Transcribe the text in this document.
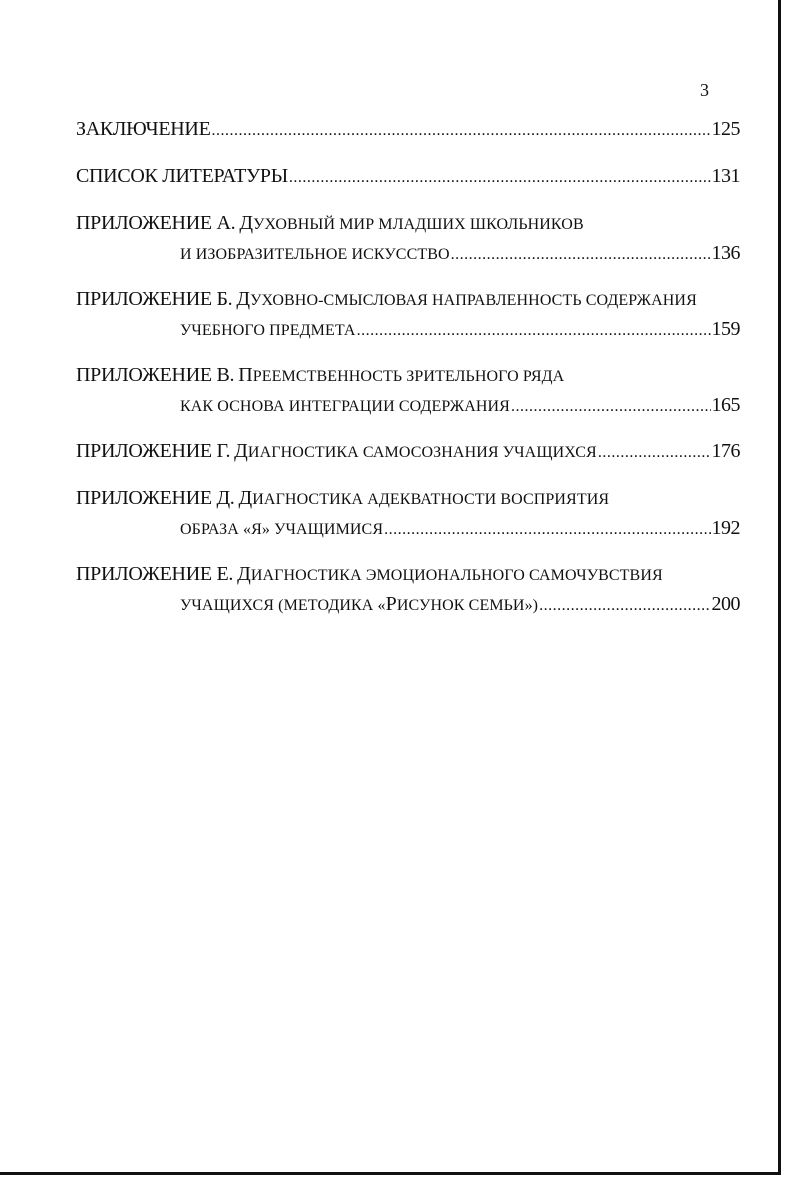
3
ЗАКЛЮЧЕНИЕ .....	125
СПИСОК ЛИТЕРАТУРЫ .....	131
ПРИЛОЖЕНИЕ А.
ДУХОВНЫЙ МИР МЛАДШИХ ШКОЛЬНИКОВ
И ИЗОБРАЗИТЕЛЬНОЕ ИСКУССТВО .....	136
ПРИЛОЖЕНИЕ Б.
ДУХОВНО-СМЫСЛОВАЯ НАПРАВЛЕННОСТЬ СОДЕРЖАНИЯ
УЧЕБНОГО ПРЕДМЕТА .....	159
ПРИЛОЖЕНИЕ В.
ПРЕЕМСТВЕННОСТЬ ЗРИТЕЛЬНОГО РЯДА
КАК ОСНОВА ИНТЕГРАЦИИ СОДЕРЖАНИЯ .....	165
ПРИЛОЖЕНИЕ Г.
ДИАГНОСТИКА САМОСОЗНАНИЯ УЧАЩИХСЯ .....	176
ПРИЛОЖЕНИЕ Д.
ДИАГНОСТИКА АДЕКВАТНОСТИ ВОСПРИЯТИЯ
ОБРАЗА «Я» УЧАЩИМИСЯ .....	192
ПРИЛОЖЕНИЕ Е.
ДИАГНОСТИКА ЭМОЦИОНАЛЬНОГО САМОЧУВСТВИЯ
УЧАЩИХСЯ (МЕТОДИКА «РИСУНОК СЕМЬИ») .....	200
